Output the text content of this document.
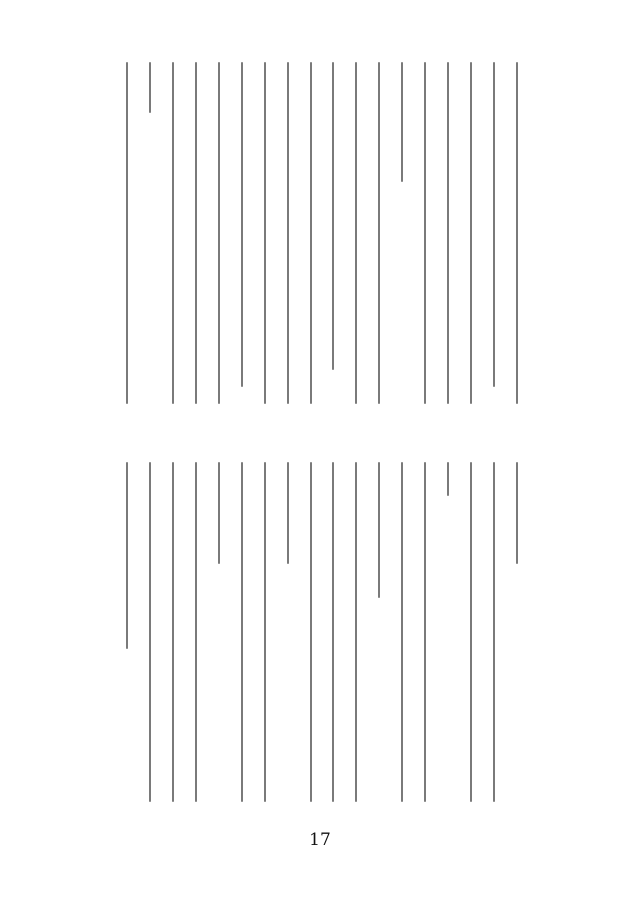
17
